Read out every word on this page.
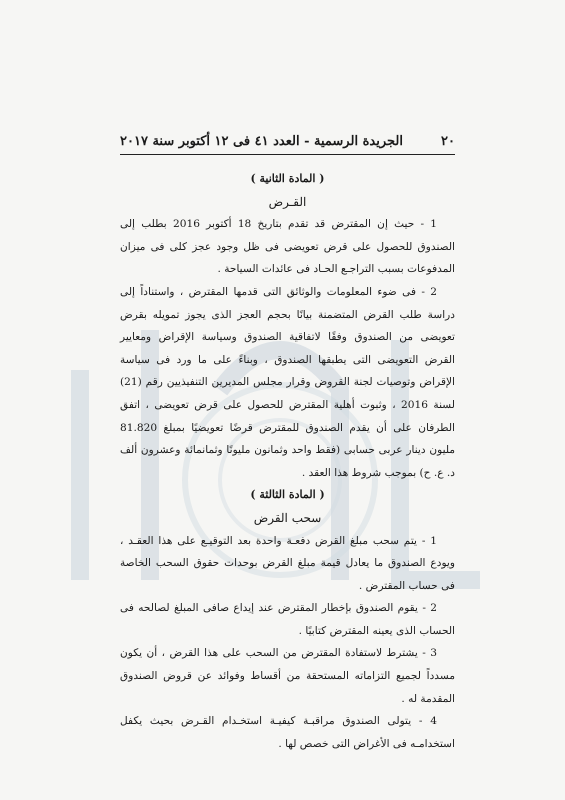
٢٠
الجريدة الرسمية - العدد ٤١ فى ١٢ أكتوبر سنة ٢٠١٧

( المادة الثانية )

القـرض

1 - حيث إن المقترض قد تقدم بتاريخ 18 أكتوبر 2016 بطلب إلى الصندوق للحصول على قرض تعويضى فى ظل وجود عجز كلى فى ميزان المدفوعات بسبب التراجـع الحـاد فى عائدات السياحة .

2 - فى ضوء المعلومات والوثائق التى قدمها المقترض ، واستناداً إلى دراسة طلب القرض المتضمنة بيانًا بحجم العجز الذى يجوز تمويله بقرض تعويضى من الصندوق وفقًا لاتفاقية الصندوق وسياسة الإقراض ومعايير القرض التعويضى التى يطبقها الصندوق ، وبناءً على ما ورد فى سياسة الإقراض وتوصيات لجنة القروض وقرار مجلس المديرين التنفيذيين رقم (21) لسنة 2016 ، وثبوت أهلية المقترض للحصول على قرض تعويضى ، اتفق الطرفان على أن يقدم الصندوق للمقترض قرضًا تعويضيًا بمبلغ 81.820 مليون دينار عربى حسابى (فقط واحد وثمانون مليونًا وثمانمائة وعشرون ألف د. ع. ح) بموجب شروط هذا العقد .

( المادة الثالثة )

سحب القرض

1 - يتم سحب مبلغ القرض دفعـة واحدة بعد التوقيـع على هذا العقـد ، ويودع الصندوق ما يعادل قيمة مبلغ القرض بوحدات حقوق السحب الخاصة فى حساب المقترض .

2 - يقوم الصندوق بإخطار المقترض عند إيداع صافى المبلغ لصالحه فى الحساب الذى يعينه المقترض كتابيًا .

3 - يشترط لاستفادة المقترض من السحب على هذا القرض ، أن يكون مسدداً لجميع التزاماته المستحقة من أقساط وفوائد عن قروض الصندوق المقدمة له .

4 - يتولى الصندوق مراقبـة كيفيـة استخـدام القـرض بحيث يكفل استخدامـه فى الأغراض التى خصص لها .
